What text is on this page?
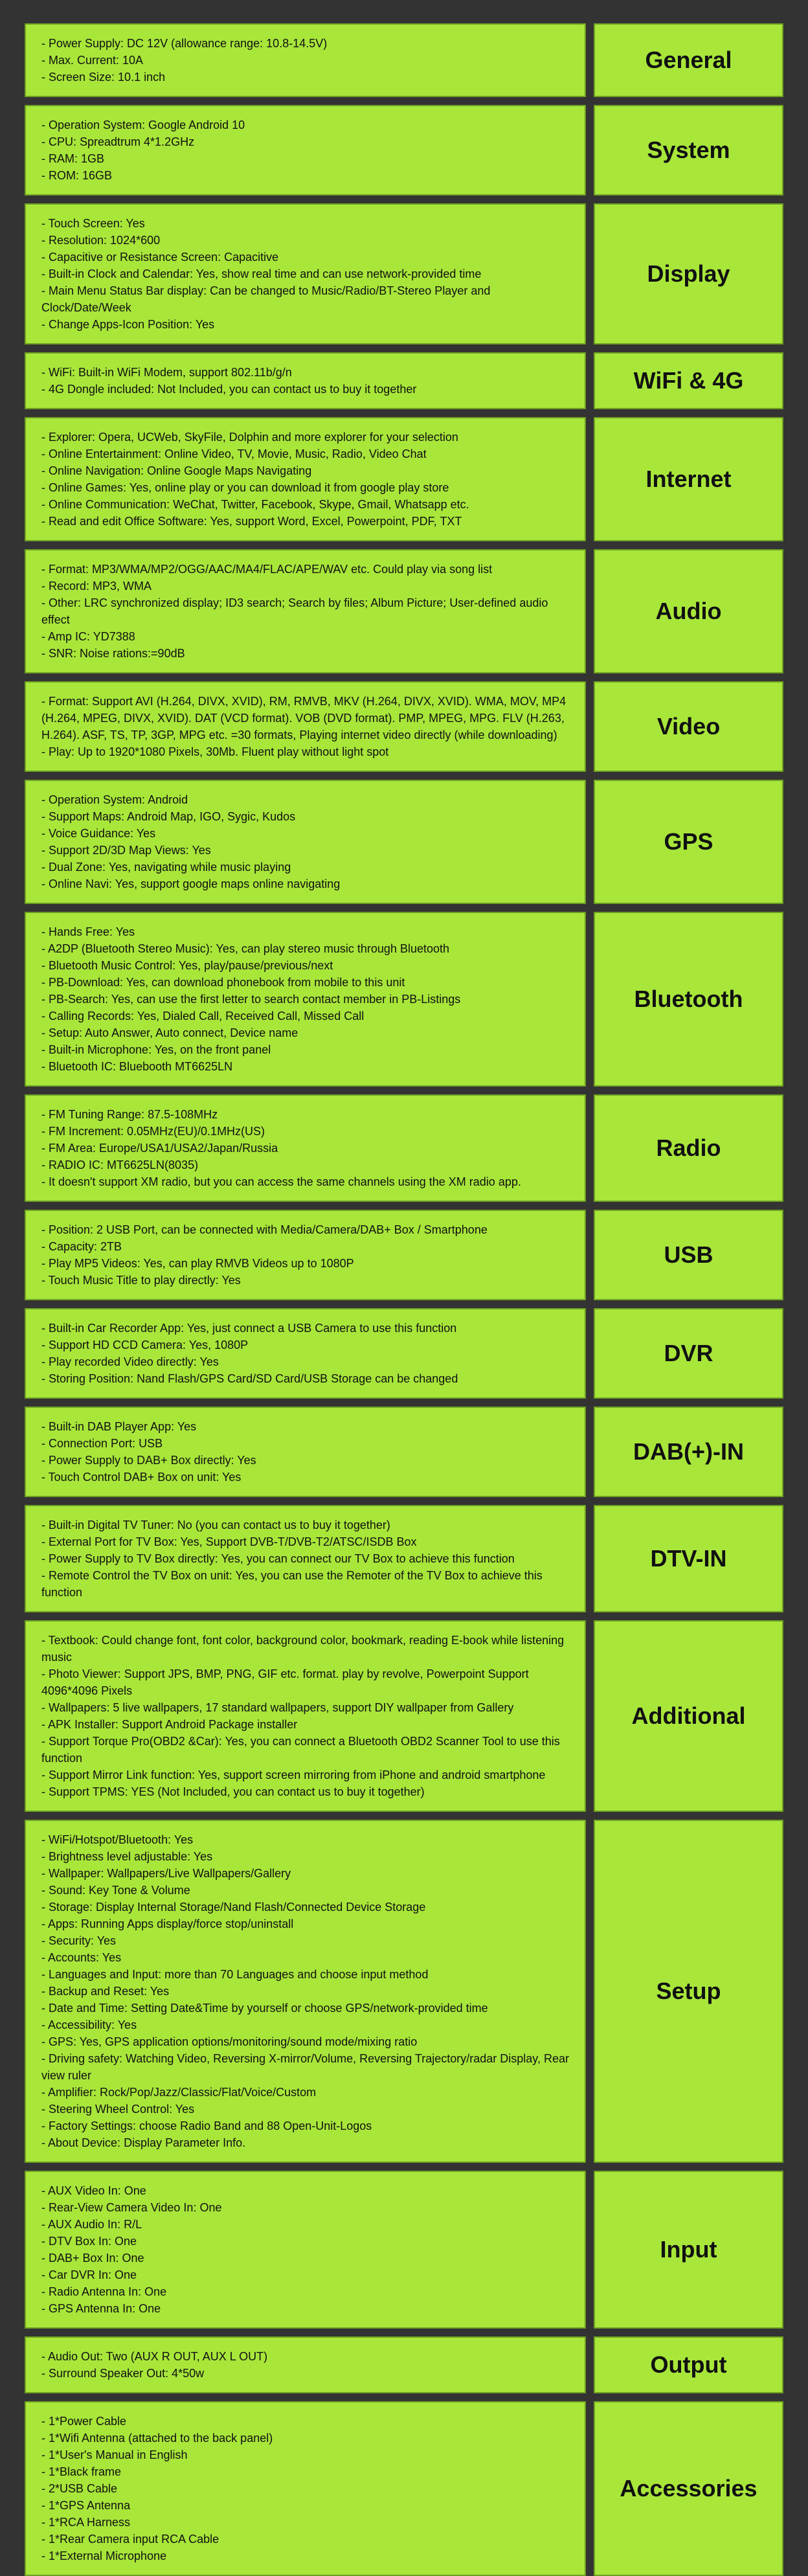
- Power Supply: DC 12V (allowance range: 10.8-14.5V)
- Max. Current: 10A
- Screen Size: 10.1 inch
General
- Operation System: Google Android 10
- CPU: Spreadtrum 4*1.2GHz
- RAM: 1GB
- ROM: 16GB
System
- Touch Screen: Yes
- Resolution: 1024*600
- Capacitive or Resistance Screen: Capacitive
- Built-in Clock and Calendar: Yes, show real time and can use network-provided time
- Main Menu Status Bar display: Can be changed to Music/Radio/BT-Stereo Player and Clock/Date/Week
- Change Apps-Icon Position: Yes
Display
- WiFi: Built-in WiFi Modem, support 802.11b/g/n
- 4G Dongle included: Not Included, you can contact us to buy it together	WiFi & 4G
- Explorer: Opera, UCWeb, SkyFile, Dolphin and more explorer for your selection
- Online Entertainment: Online Video, TV, Movie, Music, Radio, Video Chat
- Online Navigation: Online Google Maps Navigating
- Online Games: Yes, online play or you can download it from google play store
- Online Communication: WeChat, Twitter, Facebook, Skype, Gmail, Whatsapp etc.
- Read and edit Office Software: Yes, support Word, Excel, Powerpoint, PDF, TXT
Internet
- Format: MP3/WMA/MP2/OGG/AAC/MA4/FLAC/APE/WAV etc. Could play via song list
- Record: MP3, WMA
- Other: LRC synchronized display; ID3 search; Search by files; Album Picture; User-defined audio effect
- Amp IC: YD7388
- SNR: Noise rations:=90dB
Audio
- Format: Support AVI (H.264, DIVX, XVID), RM, RMVB, MKV (H.264, DIVX, XVID). WMA, MOV, MP4 (H.264, MPEG, DIVX, XVID). DAT (VCD format). VOB (DVD format). PMP, MPEG, MPG. FLV (H.263, H.264). ASF, TS, TP, 3GP, MPG etc. =30 formats, Playing internet video directly (while downloading)
- Play: Up to 1920*1080 Pixels, 30Mb. Fluent play without light spot
Video
- Operation System: Android
- Support Maps: Android Map, IGO, Sygic, Kudos
- Voice Guidance: Yes
- Support 2D/3D Map Views: Yes
- Dual Zone: Yes, navigating while music playing
- Online Navi: Yes, support google maps online navigating
GPS
- Hands Free: Yes
- A2DP (Bluetooth Stereo Music): Yes, can play stereo music through Bluetooth
- Bluetooth Music Control: Yes, play/pause/previous/next
- PB-Download: Yes, can download phonebook from mobile to this unit
- PB-Search: Yes, can use the first letter to search contact member in PB-Listings
- Calling Records: Yes, Dialed Call, Received Call, Missed Call
- Setup: Auto Answer, Auto connect, Device name
- Built-in Microphone: Yes, on the front panel
- Bluetooth IC: Bluebooth MT6625LN
Bluetooth
- FM Tuning Range: 87.5-108MHz
- FM Increment: 0.05MHz(EU)/0.1MHz(US)
- FM Area: Europe/USA1/USA2/Japan/Russia
- RADIO IC: MT6625LN(8035)
- It doesn't support XM radio, but you can access the same channels using the XM radio app.
Radio
- Position: 2 USB Port, can be connected with Media/Camera/DAB+ Box / Smartphone
- Capacity: 2TB
- Play MP5 Videos: Yes, can play RMVB Videos up to 1080P
- Touch Music Title to play directly: Yes
USB
- Built-in Car Recorder App: Yes, just connect a USB Camera to use this function
- Support HD CCD Camera: Yes, 1080P
- Play recorded Video directly: Yes
- Storing Position: Nand Flash/GPS Card/SD Card/USB Storage can be changed
DVR
- Built-in DAB Player App: Yes
- Connection Port: USB
- Power Supply to DAB+ Box directly: Yes
- Touch Control DAB+ Box on unit: Yes
DAB(+)-IN
- Built-in Digital TV Tuner: No (you can contact us to buy it together)
- External Port for TV Box: Yes, Support DVB-T/DVB-T2/ATSC/ISDB Box
- Power Supply to TV Box directly: Yes, you can connect our TV Box to achieve this function
- Remote Control the TV Box on unit: Yes, you can use the Remoter of the TV Box to achieve this function
DTV-IN
- Textbook: Could change font, font color, background color, bookmark, reading E-book while listening music
- Photo Viewer: Support JPS, BMP, PNG, GIF etc. format. play by revolve, Powerpoint Support 4096*4096 Pixels
- Wallpapers: 5 live wallpapers, 17 standard wallpapers, support DIY wallpaper from Gallery
- APK Installer: Support Android Package installer
- Support Torque Pro(OBD2 &Car): Yes, you can connect a Bluetooth OBD2 Scanner Tool to use this function
- Support Mirror Link function: Yes, support screen mirroring from iPhone and android smartphone
- Support TPMS: YES (Not Included, you can contact us to buy it together)
Additional
- WiFi/Hotspot/Bluetooth: Yes
- Brightness level adjustable: Yes
- Wallpaper: Wallpapers/Live Wallpapers/Gallery
- Sound: Key Tone & Volume
- Storage: Display Internal Storage/Nand Flash/Connected Device Storage
- Apps: Running Apps display/force stop/uninstall
- Security: Yes
- Accounts: Yes
- Languages and Input: more than 70 Languages and choose input method
- Backup and Reset: Yes
- Date and Time: Setting Date&Time by yourself or choose GPS/network-provided time
- Accessibility: Yes
- GPS: Yes, GPS application options/monitoring/sound mode/mixing ratio
- Driving safety: Watching Video, Reversing X-mirror/Volume, Reversing Trajectory/radar Display, Rear view ruler
- Amplifier: Rock/Pop/Jazz/Classic/Flat/Voice/Custom
- Steering Wheel Control: Yes
- Factory Settings: choose Radio Band and 88 Open-Unit-Logos
- About Device: Display Parameter Info.
Setup
- AUX Video In: One
- Rear-View Camera Video In: One
- AUX Audio In: R/L
- DTV Box In: One
- DAB+ Box In: One
- Car DVR In: One
- Radio Antenna In: One
- GPS Antenna In: One
Input
- Audio Out: Two (AUX R OUT, AUX L OUT)
- Surround Speaker Out: 4*50w	Output
- 1*Power Cable
- 1*Wifi Antenna (attached to the back panel)
- 1*User's Manual in English
- 1*Black frame
- 2*USB Cable
- 1*GPS Antenna
- 1*RCA Harness
- 1*Rear Camera input RCA Cable
- 1*External Microphone
Accessories
